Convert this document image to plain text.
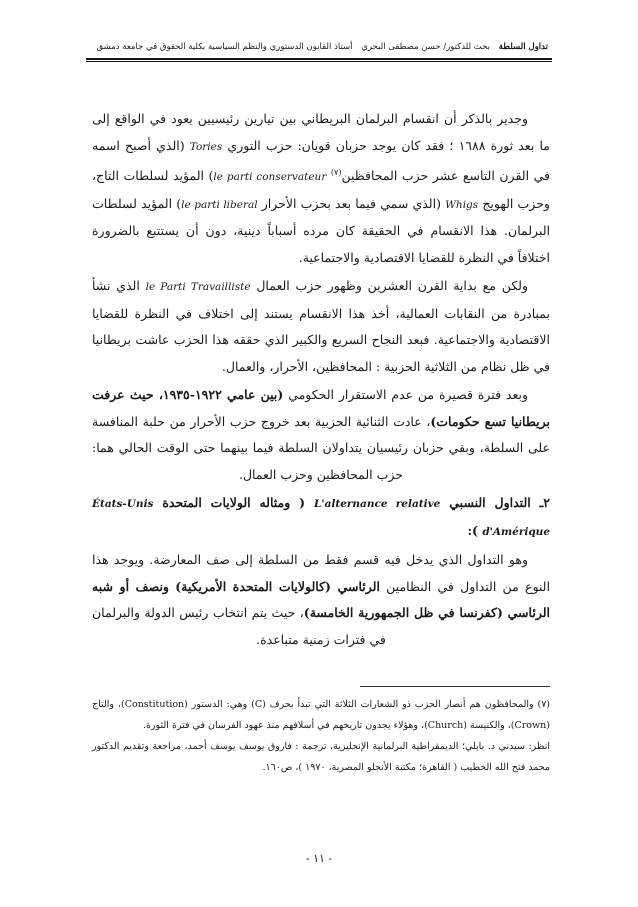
تداول السلطة بحث للدكتور/ حسن مصطفى البحري أستاذ القانون الدستوري والنظم السياسية بكلية الحقوق في جامعة دمشق

وجدير بالذكر أن انقسام البرلمان البريطاني بين تيارين رئيسيين يعود في الواقع إلى ما بعد ثورة ١٦٨٨ ؛ فقد كان يوجد حزبان قويان: حزب التوري Tories (الذي أصبح اسمه في القرن التاسع عشر حزب المحافظين$^{(٧)}$ le parti conservateur) المؤيد لسلطات التاج، وحزب الهويج Whigs (الذي سمي فيما بعد بحزب الأحرار le parti liberal) المؤيد لسلطات البرلمان. هذا الانقسام في الحقيقة كان مرده أسباباً دينية، دون أن يستتبع بالضرورة اختلافاً في النظرة للقضايا الاقتصادية والاجتماعية.

ولكن مع بداية القرن العشرين وظهور حزب العمال le Parti Travailliste الذي نشأ بمبادرة من النقابات العمالية، أخذ هذا الانقسام يستند إلى اختلاف في النظرة للقضايا الاقتصادية والاجتماعية. فبعد النجاح السريع والكبير الذي حققه هذا الحزب عاشت بريطانيا في ظل نظام من الثلاثية الحزبية : المحافظين، الأحرار، والعمال.

وبعد فترة قصيرة من عدم الاستقرار الحكومي (بين عامي ١٩٢٢-١٩٣٥، حيث عرفت بريطانيا تسع حكومات)، عادت الثنائية الحزبية بعد خروج حزب الأحرار من حلبة المنافسة على السلطة، وبقي حزبان رئيسيان يتداولان السلطة فيما بينهما حتى الوقت الحالي هما: حزب المحافظين وحزب العمال.

٢ـ التداول النسبي L'alternance relative ( ومثاله الولايات المتحدة États-Unis d'Amérique ):

وهو التداول الذي يدخل فيه قسم فقط من السلطة إلى صف المعارضة. ويوجد هذا النوع من التداول في النظامين الرئاسي (كالولايات المتحدة الأمريكية) ونصف أو شبه الرئاسي (كفرنسا في ظل الجمهورية الخامسة)، حيث يتم انتخاب رئيس الدولة والبرلمان في فترات زمنية متباعدة.

(٧) والمحافظون هم أنصار الحزب ذو الشعارات الثلاثة التي تبدأ بحرف (C) وهي: الدستور (Constitution)، والتاج (Crown)، والكنيسة (Church)، وهؤلاء يجدون تاريخهم في أسلافهم منذ عهود الفرسان في فترة الثورة.

انظر: سيدني د. بايلي؛ الديمقراطية البرلمانية الإنجليزية، ترجمة : فاروق يوسف يوسف أحمد، مراجعة وتقديم الدكتور محمد فتح الله الخطيب ( القاهرة؛ مكتبة الأنجلو المصرية، ١٩٧٠ )، ص١٦٠.

- ١١ -
